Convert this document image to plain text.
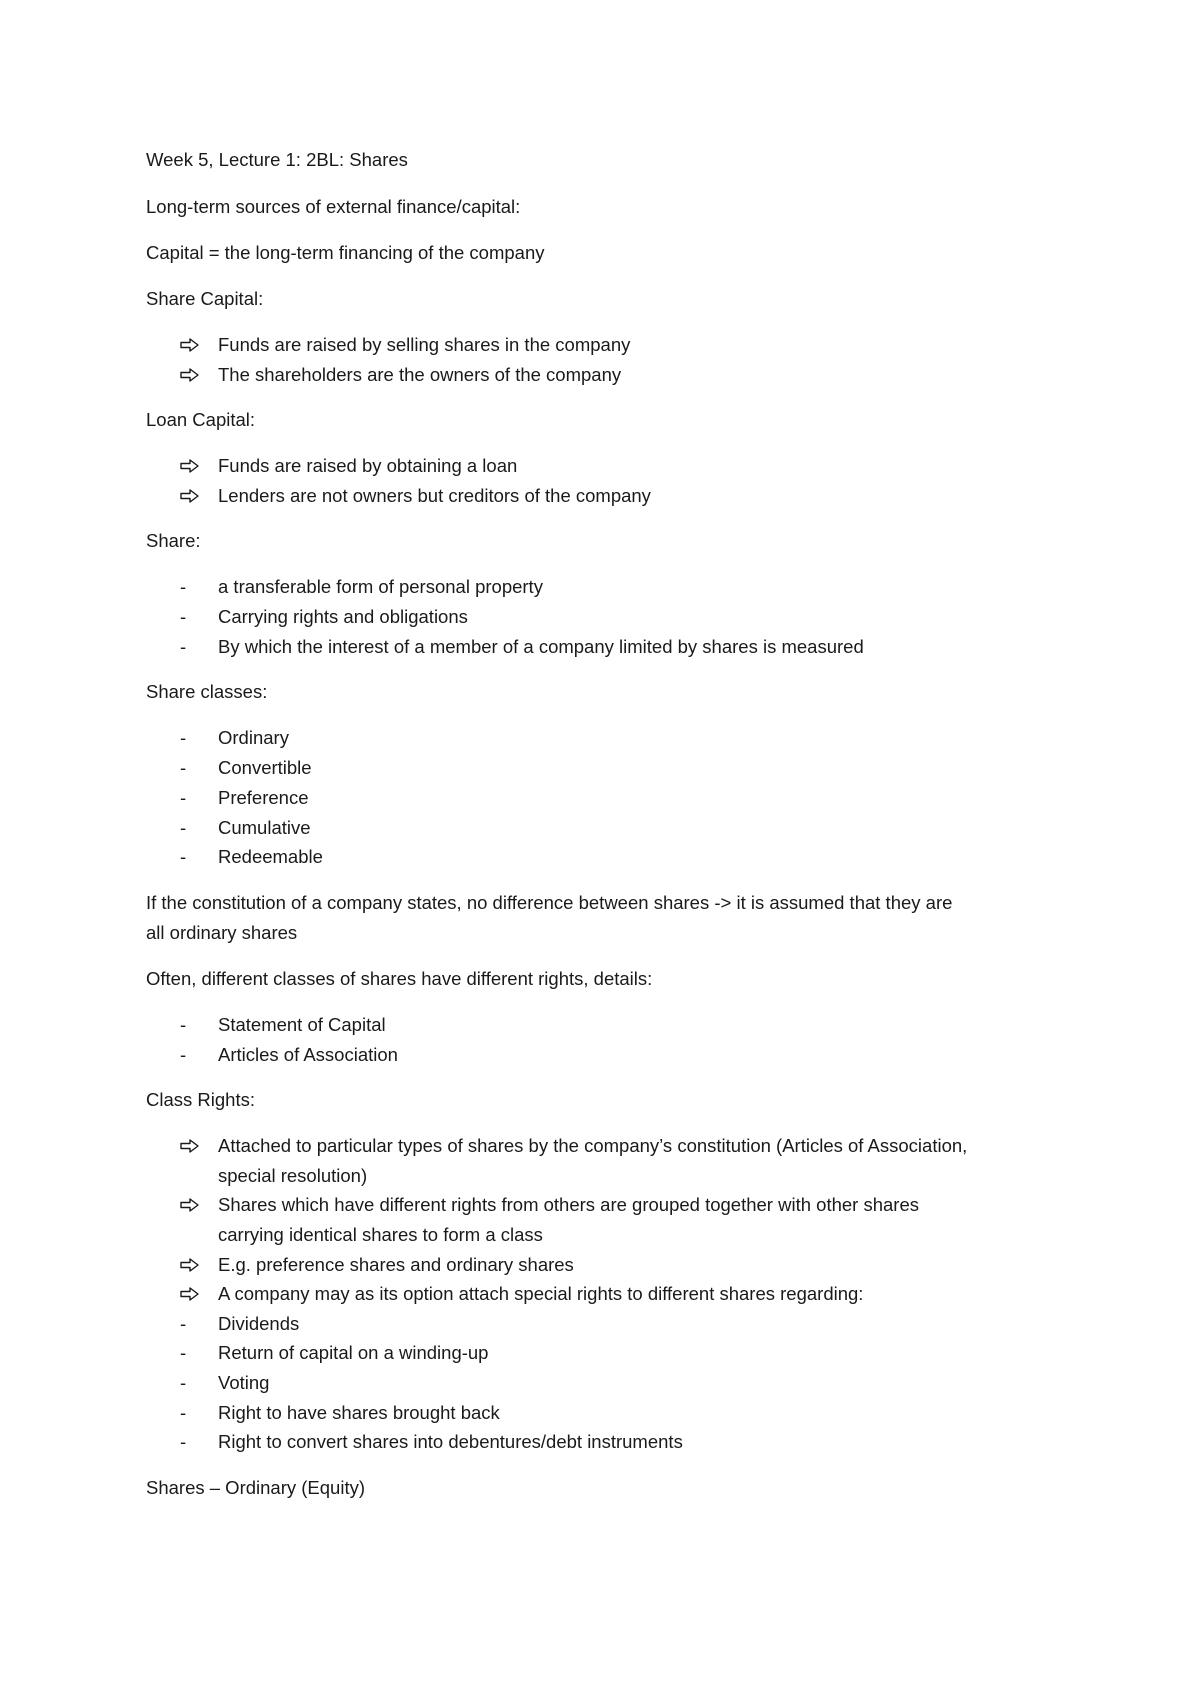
Week 5, Lecture 1: 2BL: Shares
Long-term sources of external finance/capital:
Capital = the long-term financing of the company
Share Capital:
Funds are raised by selling shares in the company
The shareholders are the owners of the company
Loan Capital:
Funds are raised by obtaining a loan
Lenders are not owners but creditors of the company
Share:
-	a transferable form of personal property
-	Carrying rights and obligations
-	By which the interest of a member of a company limited by shares is measured
Share classes:
-	Ordinary
-	Convertible
-	Preference
-	Cumulative
-	Redeemable
If the constitution of a company states, no difference between shares -> it is assumed that they are
all ordinary shares
Often, different classes of shares have different rights, details:
-	Statement of Capital
-	Articles of Association
Class Rights:
Attached to particular types of shares by the company’s constitution (Articles of Association,
special resolution)
Shares which have different rights from others are grouped together with other shares
carrying identical shares to form a class
E.g. preference shares and ordinary shares
A company may as its option attach special rights to different shares regarding:
-	Dividends
-	Return of capital on a winding-up
-	Voting
-	Right to have shares brought back
-	Right to convert shares into debentures/debt instruments
Shares – Ordinary (Equity)
